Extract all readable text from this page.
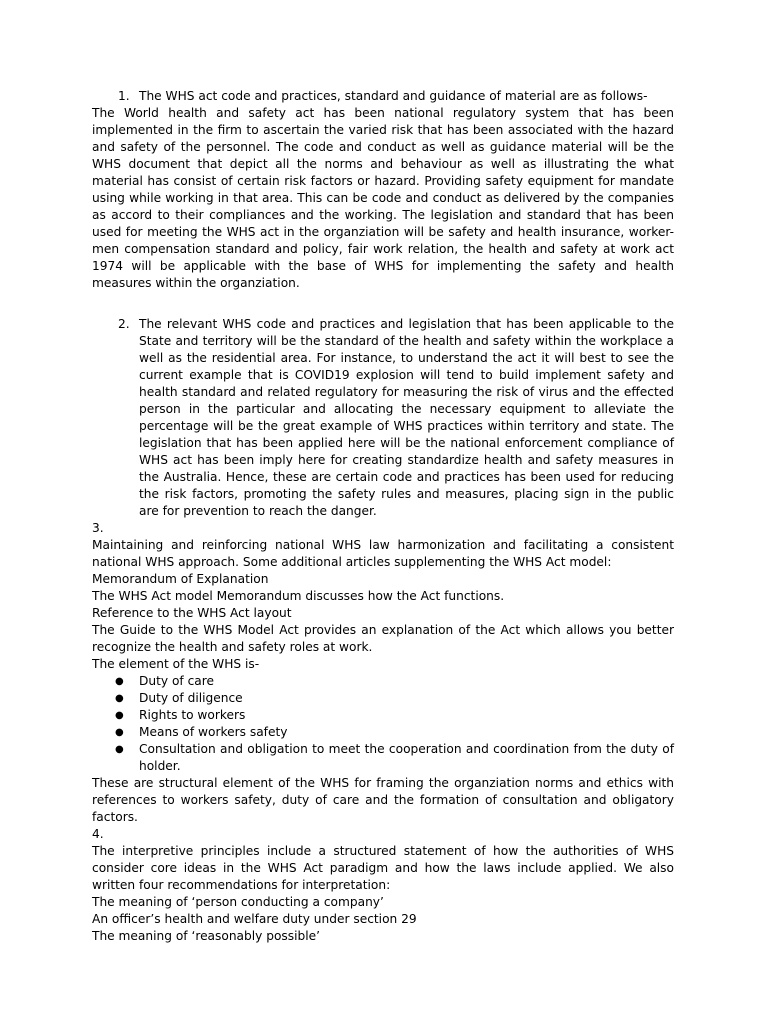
1. The WHS act code and practices, standard and guidance of material are as follows-

The World health and safety act has been national regulatory system that has been implemented in the firm to ascertain the varied risk that has been associated with the hazard and safety of the personnel. The code and conduct as well as guidance material will be the WHS document that depict all the norms and behaviour as well as illustrating the what material has consist of certain risk factors or hazard. Providing safety equipment for mandate using while working in that area. This can be code and conduct as delivered by the companies as accord to their compliances and the working. The legislation and standard that has been used for meeting the WHS act in the organziation will be safety and health insurance, worker-men compensation standard and policy, fair work relation, the health and safety at work act 1974 will be applicable with the base of WHS for implementing the safety and health measures within the organziation.

2. The relevant WHS code and practices and legislation that has been applicable to the State and territory will be the standard of the health and safety within the workplace a well as the residential area. For instance, to understand the act it will best to see the current example that is COVID19 explosion will tend to build implement safety and health standard and related regulatory for measuring the risk of virus and the effected person in the particular and allocating the necessary equipment to alleviate the percentage will be the great example of WHS practices within territory and state. The legislation that has been applied here will be the national enforcement compliance of WHS act has been imply here for creating standardize health and safety measures in the Australia. Hence, these are certain code and practices has been used for reducing the risk factors, promoting the safety rules and measures, placing sign in the public are for prevention to reach the danger.

3.

Maintaining and reinforcing national WHS law harmonization and facilitating a consistent national WHS approach. Some additional articles supplementing the WHS Act model:

Memorandum of Explanation

The WHS Act model Memorandum discusses how the Act functions.

Reference to the WHS Act layout

The Guide to the WHS Model Act provides an explanation of the Act which allows you better recognize the health and safety roles at work.

The element of the WHS is-

● Duty of care
● Duty of diligence
● Rights to workers
● Means of workers safety
● Consultation and obligation to meet the cooperation and coordination from the duty of holder.

These are structural element of the WHS for framing the organziation norms and ethics with references to workers safety, duty of care and the formation of consultation and obligatory factors.

4.

The interpretive principles include a structured statement of how the authorities of WHS consider core ideas in the WHS Act paradigm and how the laws include applied. We also written four recommendations for interpretation:

The meaning of ‘person conducting a company’

An officer’s health and welfare duty under section 29

The meaning of ‘reasonably possible’
